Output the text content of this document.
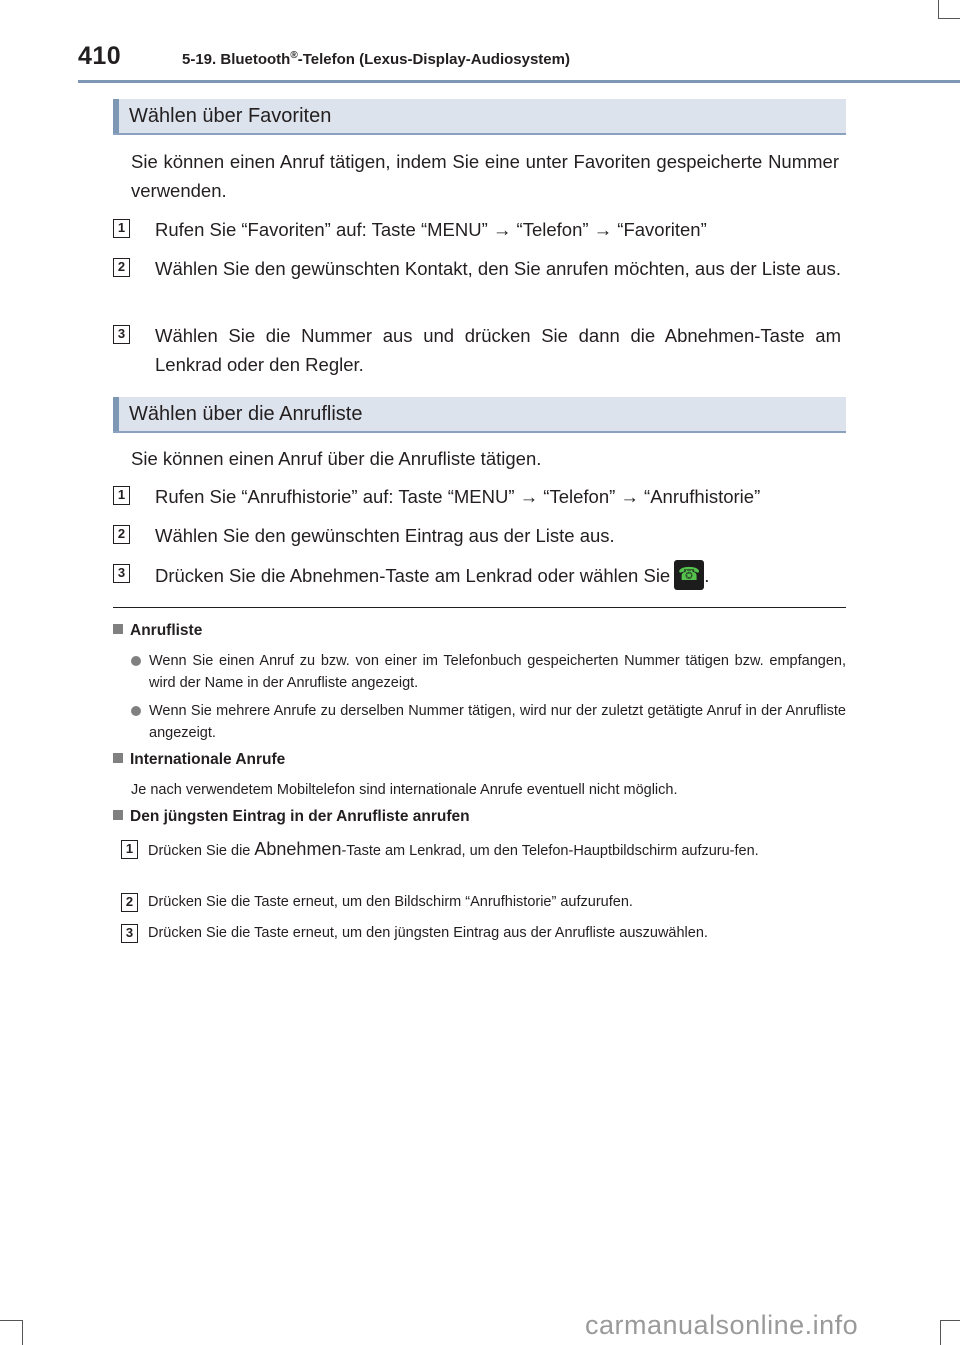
410	5-19. Bluetooth®-Telefon (Lexus-Display-Audiosystem)
Wählen über Favoriten
Sie können einen Anruf tätigen, indem Sie eine unter Favoriten gespeicherte Nummer verwenden.
1 Rufen Sie “Favoriten” auf: Taste “MENU” → “Telefon” → “Favoriten”
2 Wählen Sie den gewünschten Kontakt, den Sie anrufen möchten, aus der Liste aus.
3 Wählen Sie die Nummer aus und drücken Sie dann die Abnehmen-Taste am Lenkrad oder den Regler.
Wählen über die Anrufliste
Sie können einen Anruf über die Anrufliste tätigen.
1 Rufen Sie “Anrufhistorie” auf: Taste “MENU” → “Telefon” → “Anrufhistorie”
2 Wählen Sie den gewünschten Eintrag aus der Liste aus.
3 Drücken Sie die Abnehmen-Taste am Lenkrad oder wählen Sie ☎ .
Anrufliste
Wenn Sie einen Anruf zu bzw. von einer im Telefonbuch gespeicherten Nummer tätigen bzw. empfangen, wird der Name in der Anrufliste angezeigt.
Wenn Sie mehrere Anrufe zu derselben Nummer tätigen, wird nur der zuletzt getätigte Anruf in der Anrufliste angezeigt.
Internationale Anrufe
Je nach verwendetem Mobiltelefon sind internationale Anrufe eventuell nicht möglich.
Den jüngsten Eintrag in der Anrufliste anrufen
1	Drücken Sie die Abnehmen-Taste am Lenkrad, um den Telefon-Hauptbildschirm aufzuru-fen.
2	Drücken Sie die Taste erneut, um den Bildschirm “Anrufhistorie” aufzurufen.
3	Drücken Sie die Taste erneut, um den jüngsten Eintrag aus der Anrufliste auszuwählen.
carmanualsonline.info
